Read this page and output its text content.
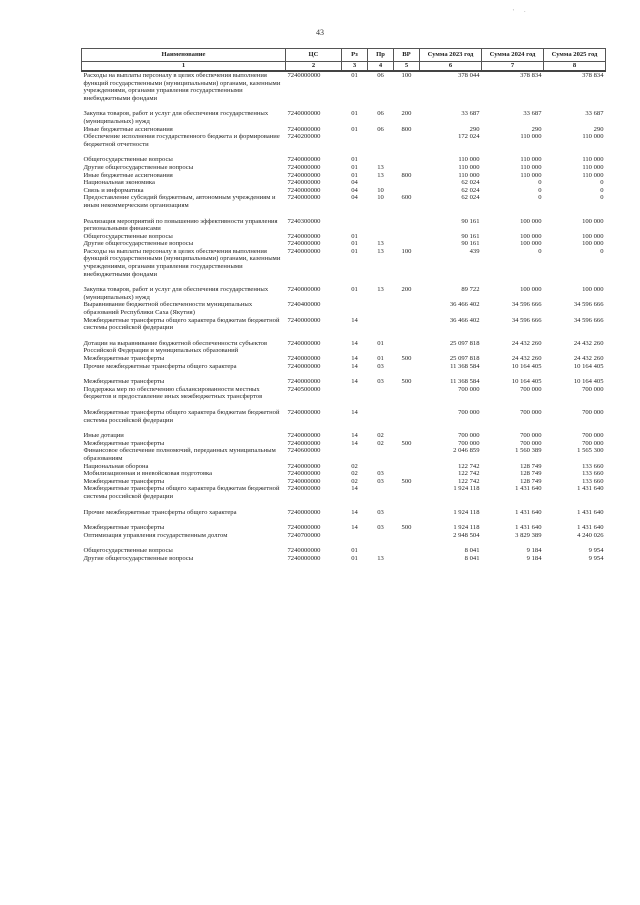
' ·
43
Наименование	ЦС	Рз	Пр	ВР	Сумма 2023 год	Сумма 2024 год	Сумма 2025 год
1	2	3	4	5	6	7	8
Расходы на выплаты персоналу в целях обеспечения выполнения функций государственными (муниципальными) органами, казенными учреждениями, органами управления государственными внебюджетными фондами	7240000000	01	06	100	378 044	378 834	378 834

Закупка товаров, работ и услуг для обеспечения государственных (муниципальных) нужд	7240000000	01	06	200	33 687	33 687	33 687
Иные бюджетные ассигнования	7240000000	01	06	800	290	290	290
Обеспечение исполнения государственного бюджета и формирование бюджетной отчетности	7240200000				172 024	110 000	110 000

Общегосударственные вопросы	7240000000	01			110 000	110 000	110 000
Другие общегосударственные вопросы	7240000000	01	13		110 000	110 000	110 000
Иные бюджетные ассигнования	7240000000	01	13	800	110 000	110 000	110 000
Национальная экономика	7240000000	04			62 024	0	0
Связь и информатика	7240000000	04	10		62 024	0	0
Предоставление субсидий бюджетным, автономным учреждениям и иным некоммерческим организациям	7240000000	04	10	600	62 024	0	0

Реализация мероприятий по повышению эффективности управления региональными финансами	7240300000				90 161	100 000	100 000
Общегосударственные вопросы	7240000000	01			90 161	100 000	100 000
Другие общегосударственные вопросы	7240000000	01	13		90 161	100 000	100 000
Расходы на выплаты персоналу в целях обеспечения выполнения функций государственными (муниципальными) органами, казенными учреждениями, органами управления государственными внебюджетными фондами	7240000000	01	13	100	439	0	0

Закупка товаров, работ и услуг для обеспечения государственных (муниципальных) нужд	7240000000	01	13	200	89 722	100 000	100 000
Выравнивание бюджетной обеспеченности муниципальных образований Республики Саха (Якутия)	7240400000				36 466 402	34 596 666	34 596 666
Межбюджетные трансферты общего характера бюджетам бюджетной системы российской федерации	7240000000	14			36 466 402	34 596 666	34 596 666

Дотации на выравнивание бюджетной обеспеченности субъектов Российской Федерации и муниципальных образований	7240000000	14	01		25 097 818	24 432 260	24 432 260
Межбюджетные трансферты	7240000000	14	01	500	25 097 818	24 432 260	24 432 260
Прочие межбюджетные трансферты общего характера	7240000000	14	03		11 368 584	10 164 405	10 164 405

Межбюджетные трансферты	7240000000	14	03	500	11 368 584	10 164 405	10 164 405
Поддержка мер по обеспечению сбалансированности местных бюджетов и предоставление иных межбюджетных трансфертов	7240500000				700 000	700 000	700 000

Межбюджетные трансферты общего характера бюджетам бюджетной системы российской федерации	7240000000	14			700 000	700 000	700 000

Иные дотации	7240000000	14	02		700 000	700 000	700 000
Межбюджетные трансферты	7240000000	14	02	500	700 000	700 000	700 000
Финансовое обеспечение полномочий, переданных муниципальным образованиям	7240600000				2 046 859	1 560 389	1 565 300
Национальная оборона	7240000000	02			122 742	128 749	133 660
Мобилизационная и вневойсковая подготовка	7240000000	02	03		122 742	128 749	133 660
Межбюджетные трансферты	7240000000	02	03	500	122 742	128 749	133 660
Межбюджетные трансферты общего характера бюджетам бюджетной системы российской федерации	7240000000	14			1 924 118	1 431 640	1 431 640

Прочие межбюджетные трансферты общего характера	7240000000	14	03		1 924 118	1 431 640	1 431 640

Межбюджетные трансферты	7240000000	14	03	500	1 924 118	1 431 640	1 431 640
Оптимизация управления государственным долгом	7240700000				2 948 504	3 829 389	4 240 026

Общегосударственные вопросы	7240000000	01			8 041	9 184	9 954
Другие общегосударственные вопросы	7240000000	01	13		8 041	9 184	9 954
